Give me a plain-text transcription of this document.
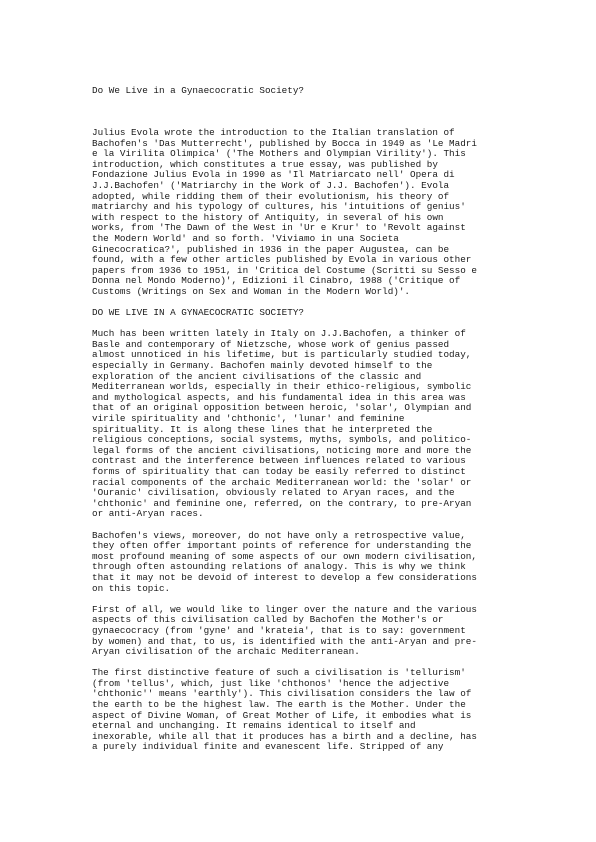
Do We Live in a Gynaecocratic Society?

Julius Evola wrote the introduction to the Italian translation of
Bachofen's 'Das Mutterrecht', published by Bocca in 1949 as 'Le Madri
e la Virilita Olimpica' ('The Mothers and Olympian Virility'). This
introduction, which constitutes a true essay, was published by
Fondazione Julius Evola in 1990 as 'Il Matriarcato nell' Opera di
J.J.Bachofen' ('Matriarchy in the Work of J.J. Bachofen'). Evola
adopted, while ridding them of their evolutionism, his theory of
matriarchy and his typology of cultures, his 'intuitions of genius'
with respect to the history of Antiquity, in several of his own
works, from 'The Dawn of the West in 'Ur e Krur' to 'Revolt against
the Modern World' and so forth. 'Viviamo in una Societa
Ginecocratica?', published in 1936 in the paper Augustea, can be
found, with a few other articles published by Evola in various other
papers from 1936 to 1951, in 'Critica del Costume (Scritti su Sesso e
Donna nel Mondo Moderno)', Edizioni il Cinabro, 1988 ('Critique of
Customs (Writings on Sex and Woman in the Modern World)'.

DO WE LIVE IN A GYNAECOCRATIC SOCIETY?

Much has been written lately in Italy on J.J.Bachofen, a thinker of
Basle and contemporary of Nietzsche, whose work of genius passed
almost unnoticed in his lifetime, but is particularly studied today,
especially in Germany. Bachofen mainly devoted himself to the
exploration of the ancient civilisations of the classic and
Mediterranean worlds, especially in their ethico-religious, symbolic
and mythological aspects, and his fundamental idea in this area was
that of an original opposition between heroic, 'solar', Olympian and
virile spirituality and 'chthonic', 'lunar' and feminine
spirituality. It is along these lines that he interpreted the
religious conceptions, social systems, myths, symbols, and politico-
legal forms of the ancient civilisations, noticing more and more the
contrast and the interference between influences related to various
forms of spirituality that can today be easily referred to distinct
racial components of the archaic Mediterranean world: the 'solar' or
'Ouranic' civilisation, obviously related to Aryan races, and the
'chthonic' and feminine one, referred, on the contrary, to pre-Aryan
or anti-Aryan races.

Bachofen's views, moreover, do not have only a retrospective value,
they often offer important points of reference for understanding the
most profound meaning of some aspects of our own modern civilisation,
through often astounding relations of analogy. This is why we think
that it may not be devoid of interest to develop a few considerations
on this topic.

First of all, we would like to linger over the nature and the various
aspects of this civilisation called by Bachofen the Mother's or
gynaecocracy (from 'gyne' and 'krateia', that is to say: government
by women) and that, to us, is identified with the anti-Aryan and pre-
Aryan civilisation of the archaic Mediterranean.

The first distinctive feature of such a civilisation is 'tellurism'
(from 'tellus', which, just like 'chthonos' 'hence the adjective
'chthonic'' means 'earthly'). This civilisation considers the law of
the earth to be the highest law. The earth is the Mother. Under the
aspect of Divine Woman, of Great Mother of Life, it embodies what is
eternal and unchanging. It remains identical to itself and
inexorable, while all that it produces has a birth and a decline, has
a purely individual finite and evanescent life. Stripped of any
